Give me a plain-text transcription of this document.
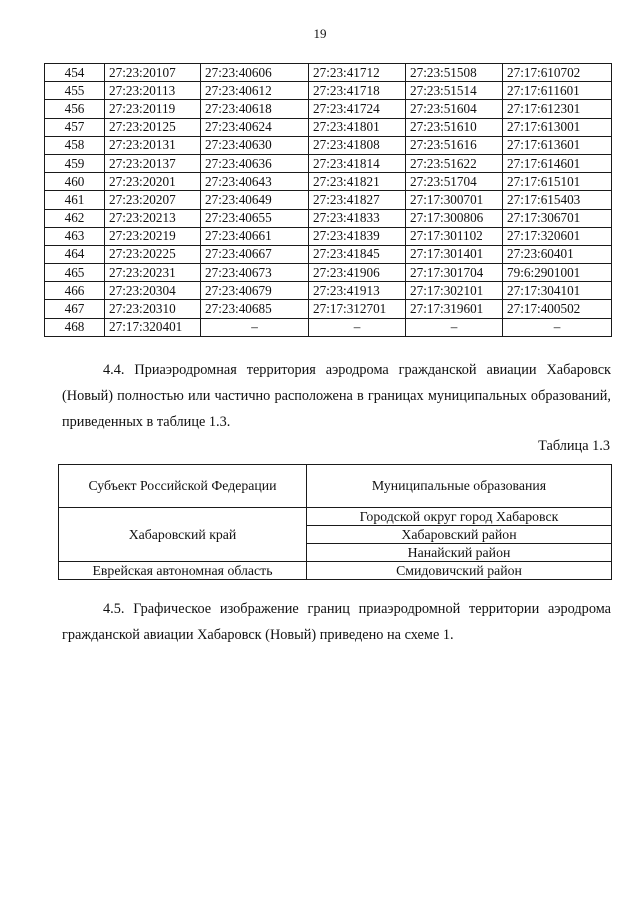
19
454	27:23:20107	27:23:40606	27:23:41712	27:23:51508	27:17:610702
455	27:23:20113	27:23:40612	27:23:41718	27:23:51514	27:17:611601
456	27:23:20119	27:23:40618	27:23:41724	27:23:51604	27:17:612301
457	27:23:20125	27:23:40624	27:23:41801	27:23:51610	27:17:613001
458	27:23:20131	27:23:40630	27:23:41808	27:23:51616	27:17:613601
459	27:23:20137	27:23:40636	27:23:41814	27:23:51622	27:17:614601
460	27:23:20201	27:23:40643	27:23:41821	27:23:51704	27:17:615101
461	27:23:20207	27:23:40649	27:23:41827	27:17:300701	27:17:615403
462	27:23:20213	27:23:40655	27:23:41833	27:17:300806	27:17:306701
463	27:23:20219	27:23:40661	27:23:41839	27:17:301102	27:17:320601
464	27:23:20225	27:23:40667	27:23:41845	27:17:301401	27:23:60401
465	27:23:20231	27:23:40673	27:23:41906	27:17:301704	79:6:2901001
466	27:23:20304	27:23:40679	27:23:41913	27:17:302101	27:17:304101
467	27:23:20310	27:23:40685	27:17:312701	27:17:319601	27:17:400502
468	27:17:320401	–	–	–	–

4.4. Приаэродромная территория аэродрома гражданской авиации Хабаровск (Новый) полностью или частично расположена в границах муниципальных образований, приведенных в таблице 1.3.

Таблица 1.3
Субъект Российской Федерации	Муниципальные образования
Хабаровский край	Городской округ город Хабаровск
	Хабаровский район
	Нанайский район
Еврейская автономная область	Смидовичский район

4.5. Графическое изображение границ приаэродромной территории аэродрома гражданской авиации Хабаровск (Новый) приведено на схеме 1.
